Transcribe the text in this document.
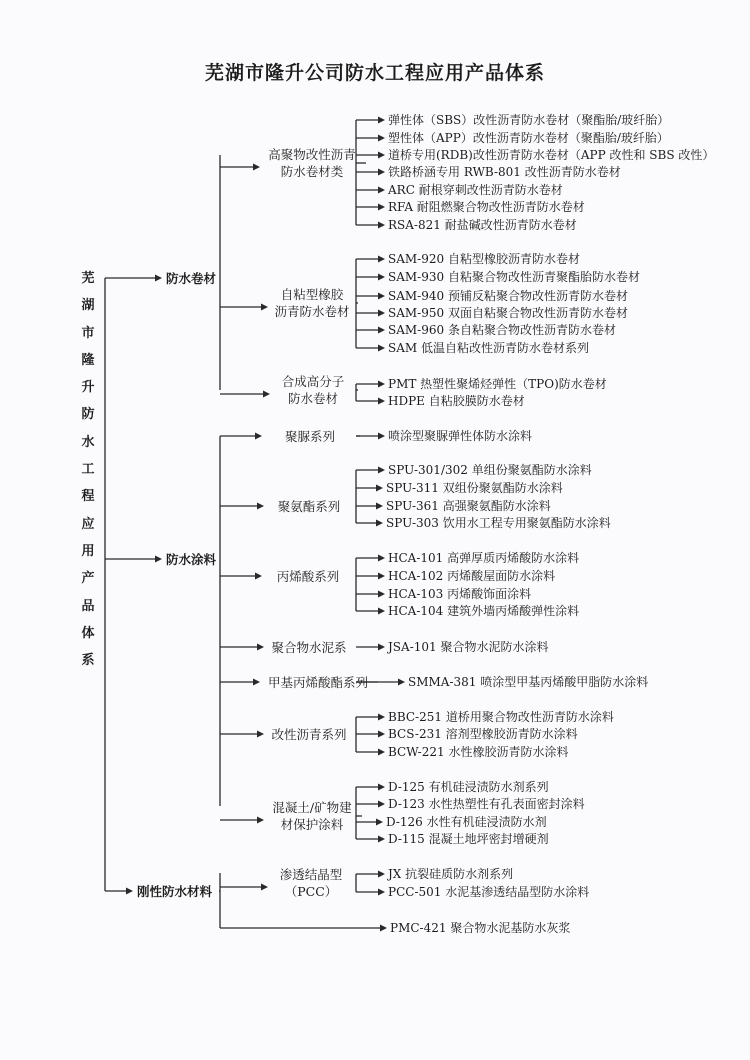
芜湖市隆升公司防水工程应用产品体系
芜
湖
市
隆
升
防
水
工
程
应
用
产
品
体
系
防水卷材
防水涂料
刚性防水材料
高聚物改性沥青
防水卷材类
弹性体（SBS）改性沥青防水卷材（聚酯胎/玻纤胎）
塑性体（APP）改性沥青防水卷材（聚酯胎/玻纤胎）
道桥专用(RDB)改性沥青防水卷材（APP 改性和 SBS 改性）
铁路桥涵专用 RWB-801 改性沥青防水卷材
ARC 耐根穿刺改性沥青防水卷材
RFA 耐阻燃聚合物改性沥青防水卷材
RSA-821 耐盐碱改性沥青防水卷材
自粘型橡胶
沥青防水卷材
SAM-920 自粘型橡胶沥青防水卷材
SAM-930 自粘聚合物改性沥青聚酯胎防水卷材
SAM-940 预铺反粘聚合物改性沥青防水卷材
SAM-950 双面自粘聚合物改性沥青防水卷材
SAM-960 条自粘聚合物改性沥青防水卷材
SAM 低温自粘改性沥青防水卷材系列
合成高分子
防水卷材
PMT 热塑性聚烯烃弹性（TPO)防水卷材
HDPE 自粘胶膜防水卷材
聚脲系列	喷涂型聚脲弹性体防水涂料
聚氨酯系列
SPU-301/302 单组份聚氨酯防水涂料
SPU-311 双组份聚氨酯防水涂料
SPU-361 高强聚氨酯防水涂料
SPU-303 饮用水工程专用聚氨酯防水涂料
丙烯酸系列
HCA-101 高弹厚质丙烯酸防水涂料
HCA-102 丙烯酸屋面防水涂料
HCA-103 丙烯酸饰面涂料
HCA-104 建筑外墙丙烯酸弹性涂料
聚合物水泥系	JSA-101 聚合物水泥防水涂料
甲基丙烯酸酯系列	SMMA-381 喷涂型甲基丙烯酸甲脂防水涂料
改性沥青系列
BBC-251 道桥用聚合物改性沥青防水涂料
BCS-231 溶剂型橡胶沥青防水涂料
BCW-221 水性橡胶沥青防水涂料
混凝土/矿物建
材保护涂料
D-125 有机硅浸渍防水剂系列
D-123 水性热塑性有孔表面密封涂料
D-126 水性有机硅浸渍防水剂
D-115 混凝土地坪密封增硬剂
渗透结晶型
（PCC）
JX 抗裂硅质防水剂系列
PCC-501 水泥基渗透结晶型防水涂料
PMC-421 聚合物水泥基防水灰浆
